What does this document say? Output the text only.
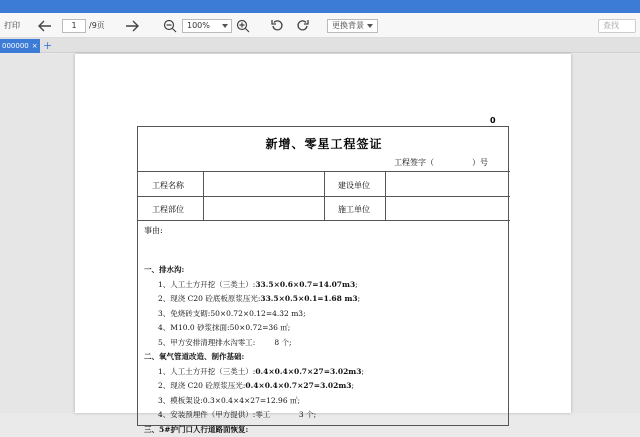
打印	1	/9页	100%	更换背景	查找
000000 × +
0
新增、零星工程签证
工程签字（	）号
工程名称	建设单位
工程部位	施工单位
事由:
一、排水沟:
1、人工土方开挖（三类土）:33.5×0.6×0.7=14.07m3;
2、现浇 C20 砼底板原浆压光:33.5×0.5×0.1=1.68 m3;
3、免烧砖支砌:50×0.72×0.12=4.32 m3;
4、M10.0 砂浆抹面:50×0.72=36 ㎡;
5、甲方安排清理排水沟零工:        8 个;
二、氧气管道改造、制作基础:
1、人工土方开挖（三类土）:0.4×0.4×0.7×27=3.02m3;
2、现浇 C20 砼原浆压光:0.4×0.4×0.7×27=3.02m3;
3、模板架设:0.3×0.4×4×27=12.96 ㎡;
4、安装预埋件（甲方提供）:零工            3 个;
三、5#护门口人行道路面恢复:
